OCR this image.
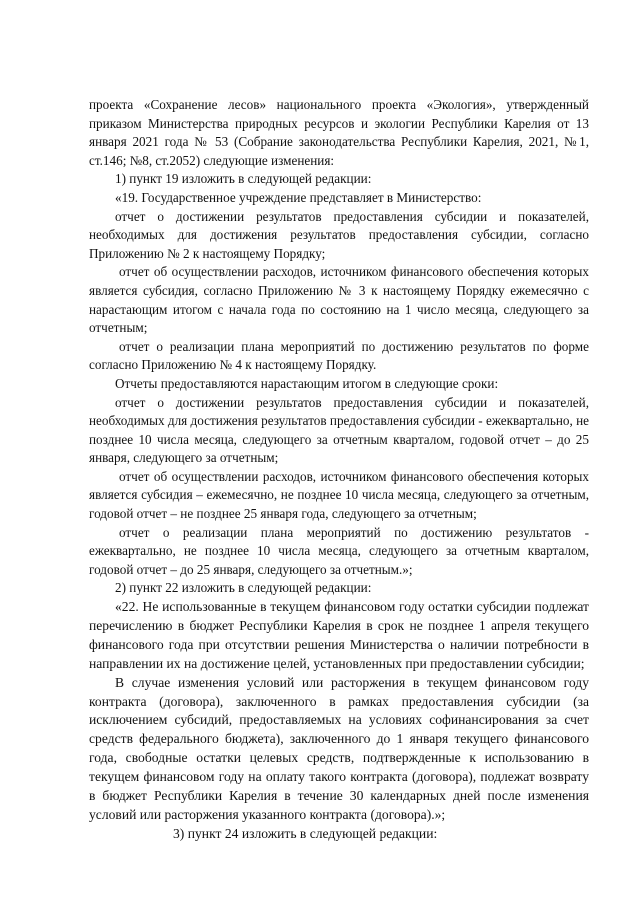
проекта «Сохранение лесов» национального проекта «Экология», утвержденный приказом Министерства природных ресурсов и экологии Республики Карелия от 13 января 2021 года № 53 (Собрание законодательства Республики Карелия, 2021, №1, ст.146; №8, ст.2052) следующие изменения:

1) пункт 19 изложить в следующей редакции:

«19. Государственное учреждение представляет в Министерство:

отчет о достижении результатов предоставления субсидии и показателей, необходимых для достижения результатов предоставления субсидии, согласно Приложению № 2 к настоящему Порядку;

отчет об осуществлении расходов, источником финансового обеспечения которых является субсидия, согласно Приложению № 3 к настоящему Порядку ежемесячно с нарастающим итогом с начала года по состоянию на 1 число месяца, следующего за отчетным;

отчет о реализации плана мероприятий по достижению результатов по форме согласно Приложению № 4 к настоящему Порядку.

Отчеты предоставляются нарастающим итогом в следующие сроки:

отчет о достижении результатов предоставления субсидии и показателей, необходимых для достижения результатов предоставления субсидии - ежеквартально, не позднее 10 числа месяца, следующего за отчетным кварталом, годовой отчет – до 25 января, следующего за отчетным;

отчет об осуществлении расходов, источником финансового обеспечения которых является субсидия – ежемесячно, не позднее 10 числа месяца, следующего за отчетным, годовой отчет – не позднее 25 января года, следующего за отчетным;

отчет о реализации плана мероприятий по достижению результатов - ежеквартально, не позднее 10 числа месяца, следующего за отчетным кварталом, годовой отчет – до 25 января, следующего за отчетным.»;

2) пункт 22 изложить в следующей редакции:

«22. Не использованные в текущем финансовом году остатки субсидии подлежат перечислению в бюджет Республики Карелия в срок не позднее 1 апреля текущего финансового года при отсутствии решения Министерства о наличии потребности в направлении их на достижение целей, установленных при предоставлении субсидии;

В случае изменения условий или расторжения в текущем финансовом году контракта (договора), заключенного в рамках предоставления субсидии (за исключением субсидий, предоставляемых на условиях софинансирования за счет средств федерального бюджета), заключенного до 1 января текущего финансового года, свободные остатки целевых средств, подтвержденные к использованию в текущем финансовом году на оплату такого контракта (договора), подлежат возврату в бюджет Республики Карелия в течение 30 календарных дней после изменения условий или расторжения указанного контракта (договора).»;

3) пункт 24 изложить в следующей редакции:
